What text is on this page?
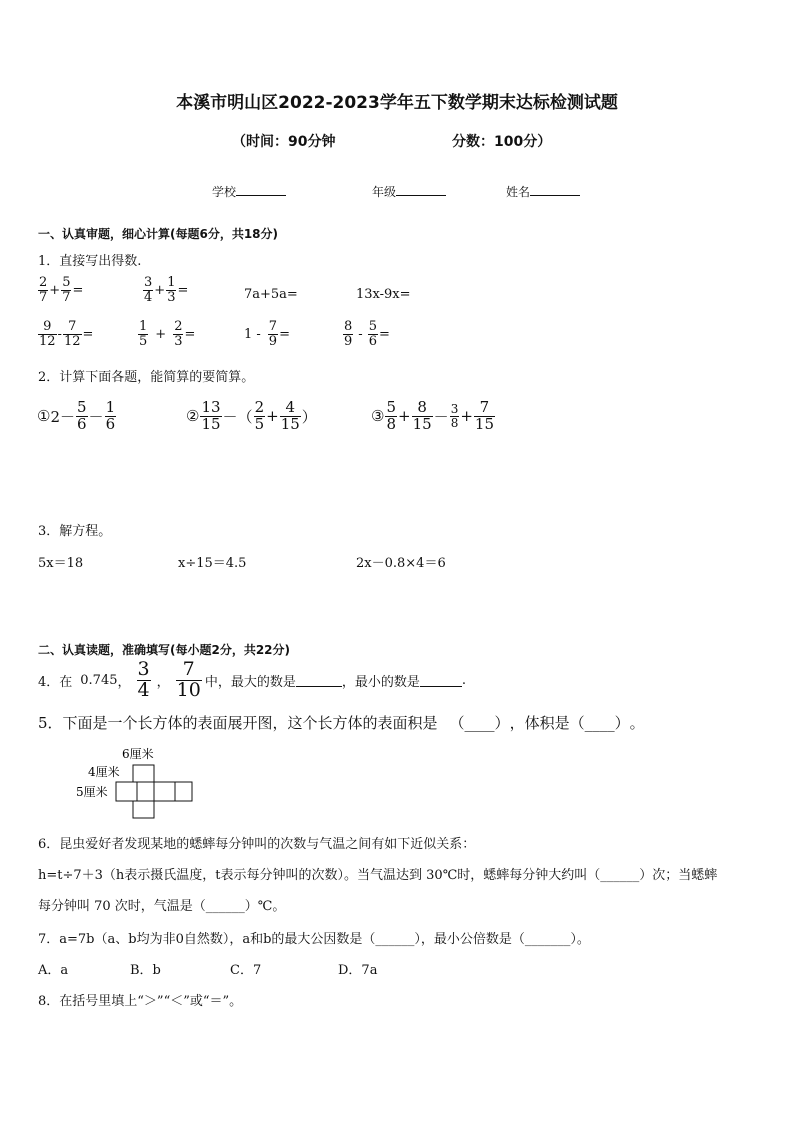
本溪市明山区2022-2023学年五下数学期末达标检测试题
（时间：90分钟	分数：100分）
学校	年级	姓名
一、认真审题，细心计算(每题6分，共18分)
1．直接写出得数.
$\frac{2}{7} + \frac{5}{7}$ =	$\frac{3}{4} + \frac{1}{3}$ =	7a+5a=	13x-9x=
$\frac{9}{12} - \frac{7}{12}$ =	$\frac{1}{5} + \frac{2}{3}$ =	$1 - \frac{7}{9}$ =	$\frac{8}{9} - \frac{5}{6}$ =
2．计算下面各题，能简算的要简算。
① $2- \frac{5}{6} - \frac{1}{6}$	② $\frac{13}{15}$ －（ $\frac{2}{5} + \frac{4}{15}$ ）	③ $\frac{5}{8} + \frac{8}{15} - \frac{3}{8} + \frac{7}{15}$
3．解方程。
5x＝18	x÷15＝4.5	2x－0.8×4＝6
二、认真读题，准确填写(每小题2分，共22分)
4．在 0.745 ， $\frac{3}{4}$ ， $\frac{7}{10}$ 中，最大的数是	，最小的数是	.
5．下面是一个长方体的表面展开图，这个长方体的表面积是 （____） ，体积是 （____） 。
6厘米
4厘米
5厘米
6．昆虫爱好者发现某地的蟋蟀每分钟叫的次数与气温之间有如下近似关系：
h=t÷7＋3（h表示摄氏温度，t表示每分钟叫的次数）。当气温达到 30℃时，蟋蟀每分钟大约叫（______）次；当蟋蟀
每分钟叫 70 次时，气温是（______）℃。
7．a=7b（a、b均为非0自然数），a和b的最大公因数是（______），最小公倍数是（_______）。
A．a	B．b	C．7	D．7a
8．在括号里填上“＞”“＜”或“＝”。
